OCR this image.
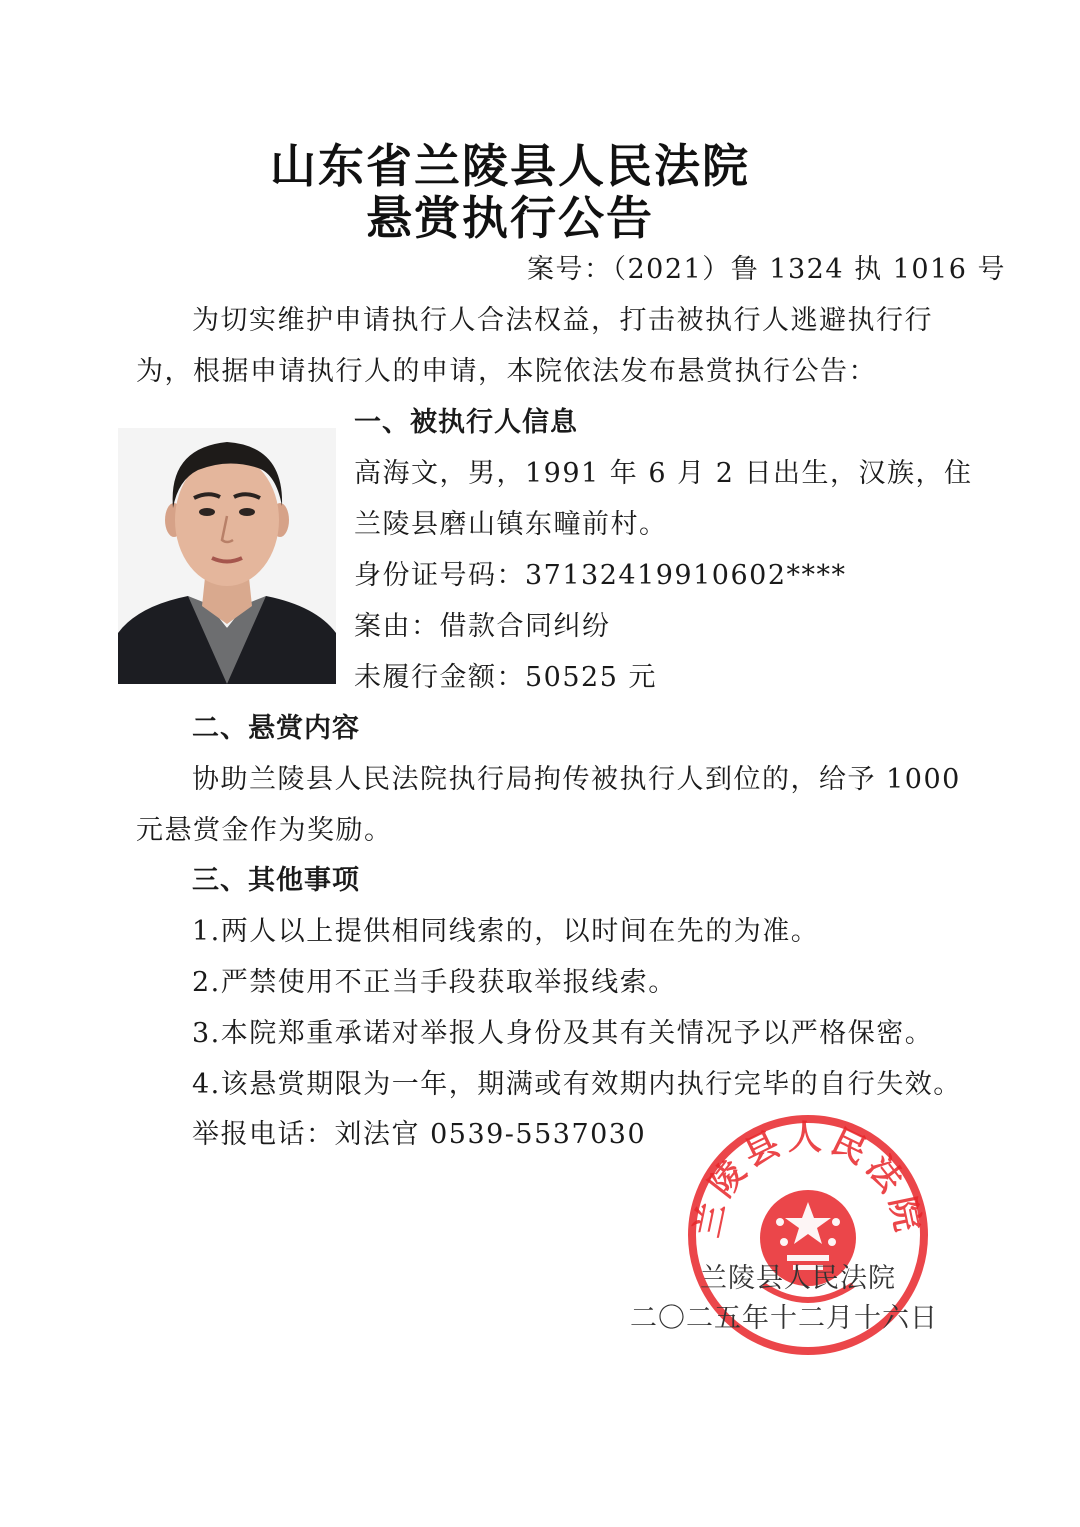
山东省兰陵县人民法院
悬赏执行公告
案号：（2021）鲁 1324 执 1016 号
为切实维护申请执行人合法权益，打击被执行人逃避执行行
为，根据申请执行人的申请，本院依法发布悬赏执行公告：
一、被执行人信息
高海文，男，1991 年 6 月 2 日出生，汉族，住
兰陵县磨山镇东疃前村。
身份证号码：37132419910602****
案由：借款合同纠纷
未履行金额：50525 元
二、悬赏内容
协助兰陵县人民法院执行局拘传被执行人到位的，给予 1000
元悬赏金作为奖励。
三、其他事项
1.两人以上提供相同线索的，以时间在先的为准。
2.严禁使用不正当手段获取举报线索。
3.本院郑重承诺对举报人身份及其有关情况予以严格保密。
4.该悬赏期限为一年，期满或有效期内执行完毕的自行失效。
举报电话：刘法官 0539-5537030
兰陵县人民法院
兰陵县人民法院
二〇二五年十二月十六日
